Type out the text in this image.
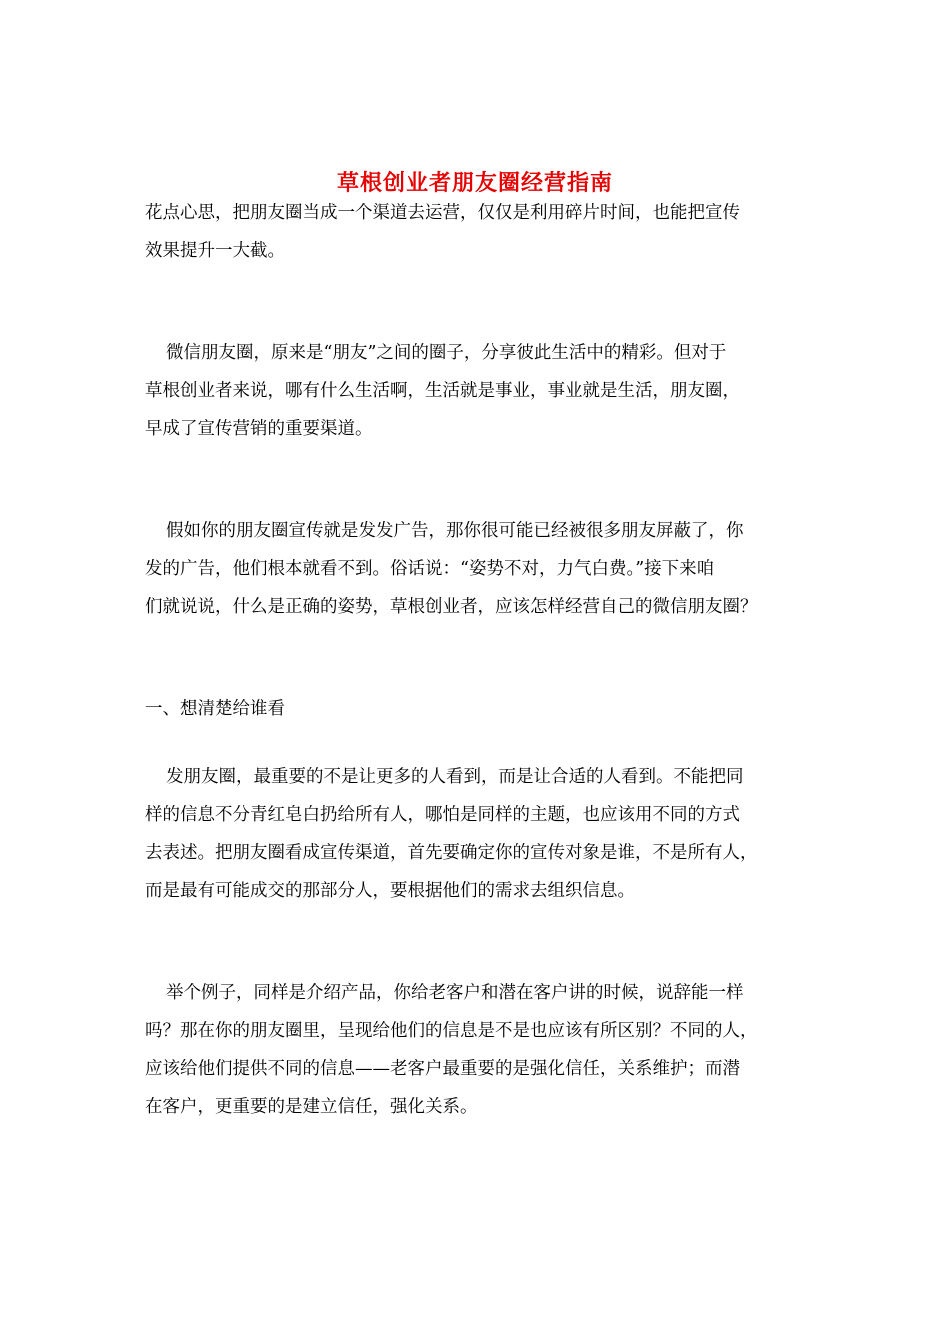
草根创业者朋友圈经营指南

花点心思，把朋友圈当成一个渠道去运营，仅仅是利用碎片时间，也能把宣传
效果提升一大截。

微信朋友圈，原来是“朋友”之间的圈子，分享彼此生活中的精彩。但对于
草根创业者来说，哪有什么生活啊，生活就是事业，事业就是生活，朋友圈，
早成了宣传营销的重要渠道。

假如你的朋友圈宣传就是发发广告，那你很可能已经被很多朋友屏蔽了，你
发的广告，他们根本就看不到。俗话说：“姿势不对，力气白费。”接下来咱
们就说说，什么是正确的姿势，草根创业者，应该怎样经营自己的微信朋友圈？

一、想清楚给谁看

发朋友圈，最重要的不是让更多的人看到，而是让合适的人看到。不能把同
样的信息不分青红皂白扔给所有人，哪怕是同样的主题，也应该用不同的方式
去表述。把朋友圈看成宣传渠道，首先要确定你的宣传对象是谁，不是所有人，
而是最有可能成交的那部分人，要根据他们的需求去组织信息。

举个例子，同样是介绍产品，你给老客户和潜在客户讲的时候，说辞能一样
吗？那在你的朋友圈里，呈现给他们的信息是不是也应该有所区别？不同的人，
应该给他们提供不同的信息——老客户最重要的是强化信任，关系维护；而潜
在客户，更重要的是建立信任，强化关系。
